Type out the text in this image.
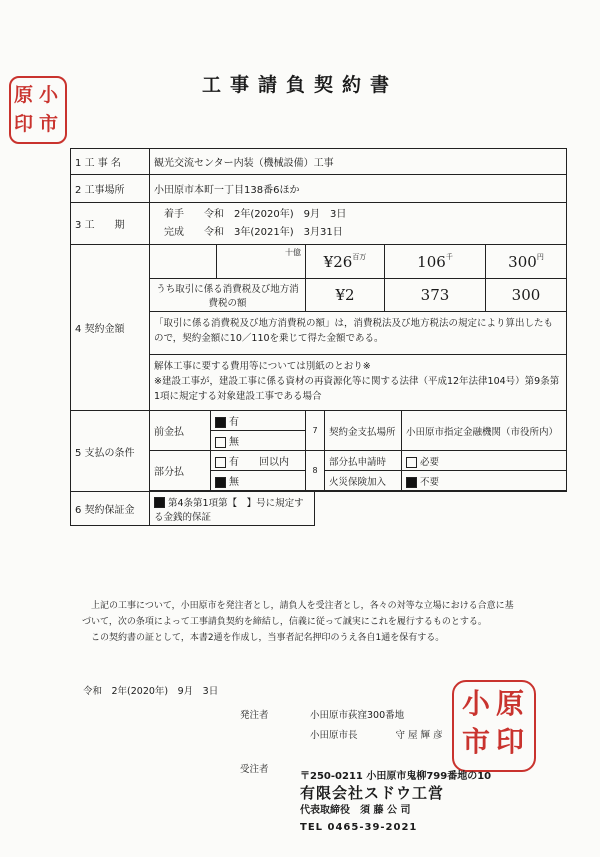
原 小
印 市
工事請負契約書
1 工 事 名	観光交流センター内装（機械設備）工事
2 工事場所	小田原市本町一丁目138番6ほか
3 工　　期	着手 令和　2年(2020年)　9月　3日
完成 令和　3年(2021年)　3月31日
4 契約金額	
	十億	$¥26^{百万}$	$106^千$	$300^円$
うち取引に係る消費税及び地方消費税の額	¥2	373	300
「取引に係る消費税及び地方消費税の額」は，消費税法及び地方税法の規定により算出したもので，契約金額に10／110を乗じて得た金額である。

解体工事に要する費用等については別紙のとおり※
※建設工事が，建設工事に係る資材の再資源化等に関する法律（平成12年法律104号）第9条第1項に規定する対象建設工事である場合

5 支払の条件	
前金払	有	7	契約金支払場所	小田原市指定金融機関（市役所内）
無
部分払	有　　回以内	8	部分払申請時	必要
無	火災保険加入	不要

6 契約保証金	第4条第1項第【　】号に規定する金銭的保証	
上記の工事について，小田原市を発注者とし，請負人を受注者とし，各々の対等な立場における合意に基づいて，次の条項によって工事請負契約を締結し，信義に従って誠実にこれを履行するものとする。
この契約書の証として，本書2通を作成し，当事者記名押印のうえ各自1通を保有する。
令和　2年(2020年)　9月　3日
発注者	小田原市荻窪300番地
小田原市長	守 屋 輝 彦
小 原
市 印
受注者
〒250-0211 小田原市鬼柳799番地の10
有限会社スドウ工営
代表取締役　須 藤 公 司
TEL 0465-39-2021
